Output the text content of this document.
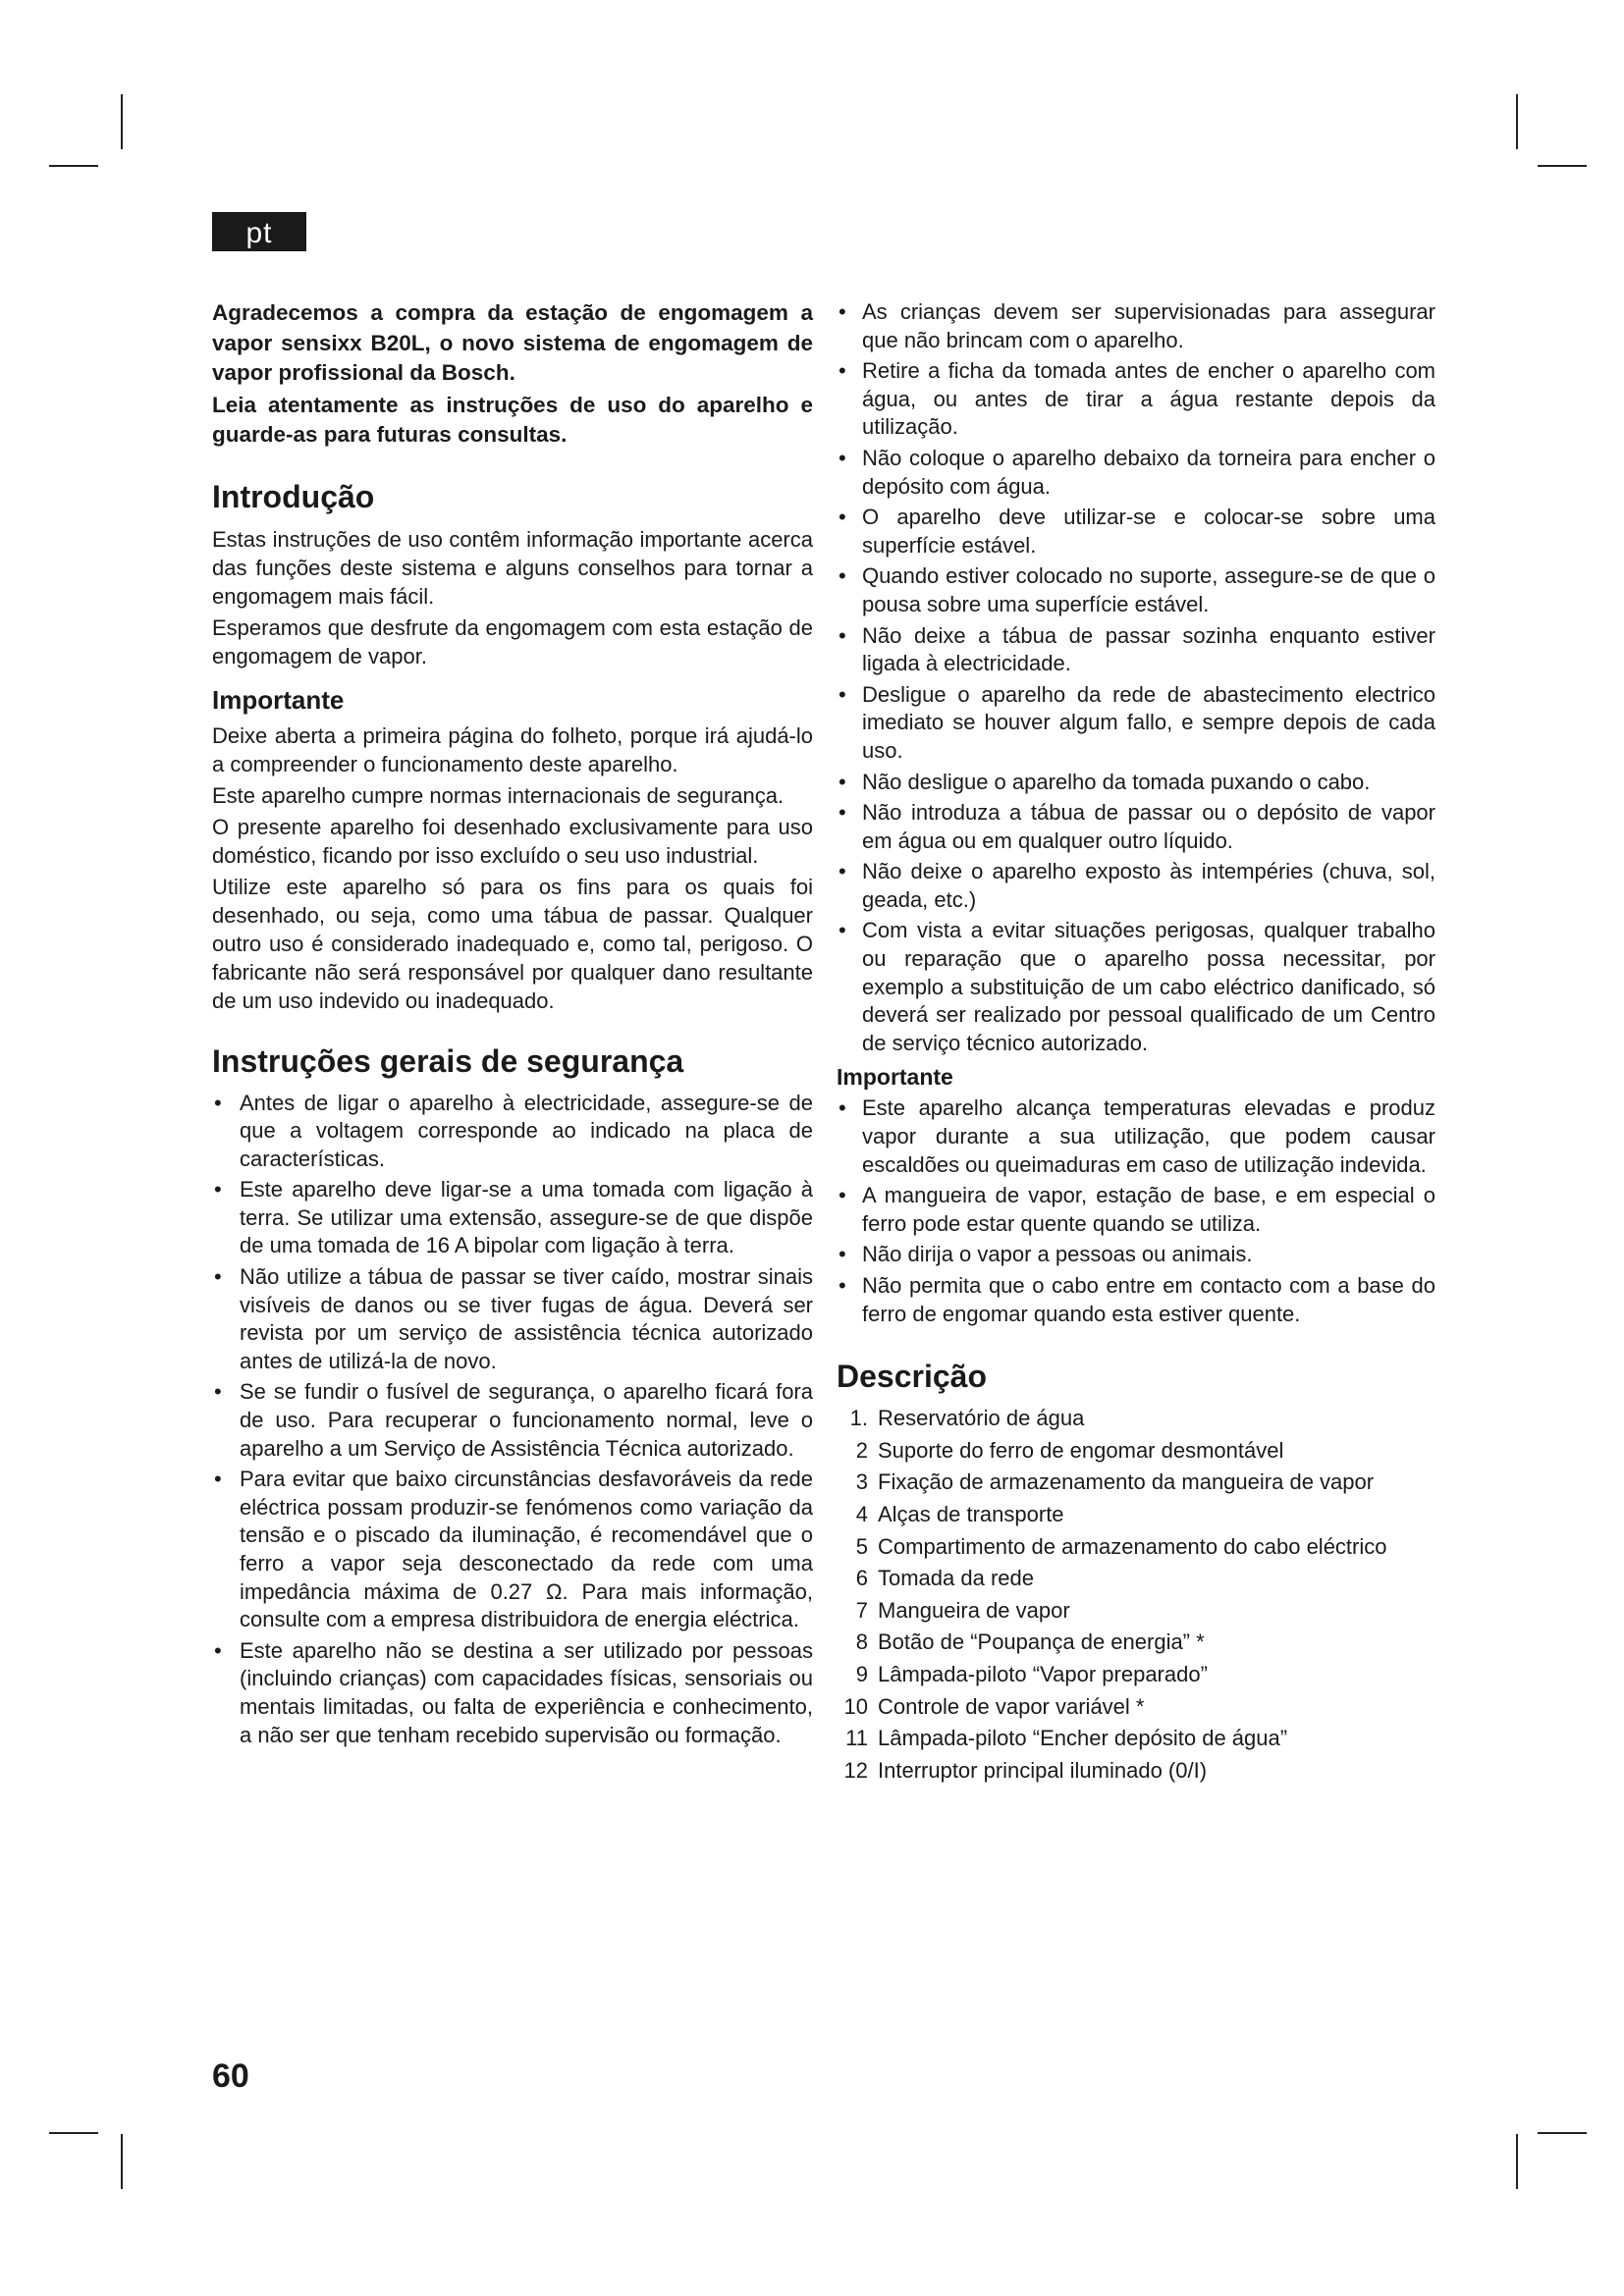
pt
Agradecemos a compra da estação de engomagem a vapor sensixx B20L, o novo sistema de engomagem de vapor profissional da Bosch.
Leia atentamente as instruções de uso do aparelho e guarde-as para futuras consultas.
Introdução

Estas instruções de uso contêm informação importante acerca das funções deste sistema e alguns conselhos para tornar a engomagem mais fácil.

Esperamos que desfrute da engomagem com esta estação de engomagem de vapor.

Importante

Deixe aberta a primeira página do folheto, porque irá ajudá-lo a compreender o funcionamento deste aparelho.

Este aparelho cumpre normas internacionais de segurança.

O presente aparelho foi desenhado exclusivamente para uso doméstico, ficando por isso excluído o seu uso industrial.

Utilize este aparelho só para os fins para os quais foi desenhado, ou seja, como uma tábua de passar. Qualquer outro uso é considerado inadequado e, como tal, perigoso. O fabricante não será responsável por qualquer dano resultante de um uso indevido ou inadequado.

Instruções gerais de segurança
• Antes de ligar o aparelho à electricidade, assegure-se de que a voltagem corresponde ao indicado na placa de características.
• Este aparelho deve ligar-se a uma tomada com ligação à terra. Se utilizar uma extensão, assegure-se de que dispõe de uma tomada de 16 A bipolar com ligação à terra.
• Não utilize a tábua de passar se tiver caído, mostrar sinais visíveis de danos ou se tiver fugas de água. Deverá ser revista por um serviço de assistência técnica autorizado antes de utilizá-la de novo.
• Se se fundir o fusível de segurança, o aparelho ficará fora de uso. Para recuperar o funcionamento normal, leve o aparelho a um Serviço de Assistência Técnica autorizado.
• Para evitar que baixo circunstâncias desfavoráveis da rede eléctrica possam produzir-se fenómenos como variação da tensão e o piscado da iluminação, é recomendável que o ferro a vapor seja desconectado da rede com uma impedância máxima de 0.27 Ω. Para mais informação, consulte com a empresa distribuidora de energia eléctrica.
• Este aparelho não se destina a ser utilizado por pessoas (incluindo crianças) com capacidades físicas, sensoriais ou mentais limitadas, ou falta de experiência e conhecimento, a não ser que tenham recebido supervisão ou formação.
• As crianças devem ser supervisionadas para assegurar que não brincam com o aparelho.
• Retire a ficha da tomada antes de encher o aparelho com água, ou antes de tirar a água restante depois da utilização.
• Não coloque o aparelho debaixo da torneira para encher o depósito com água.
• O aparelho deve utilizar-se e colocar-se sobre uma superfície estável.
• Quando estiver colocado no suporte, assegure-se de que o pousa sobre uma superfície estável.
• Não deixe a tábua de passar sozinha enquanto estiver ligada à electricidade.
• Desligue o aparelho da rede de abastecimento electrico imediato se houver algum fallo, e sempre depois de cada uso.
• Não desligue o aparelho da tomada puxando o cabo.
• Não introduza a tábua de passar ou o depósito de vapor em água ou em qualquer outro líquido.
• Não deixe o aparelho exposto às intempéries (chuva, sol, geada, etc.)
• Com vista a evitar situações perigosas, qualquer trabalho ou reparação que o aparelho possa necessitar, por exemplo a substituição de um cabo eléctrico danificado, só deverá ser realizado por pessoal qualificado de um Centro de serviço técnico autorizado.
Importante
• Este aparelho alcança temperaturas elevadas e produz vapor durante a sua utilização, que podem causar escaldões ou queimaduras em caso de utilização indevida.
• A mangueira de vapor, estação de base, e em especial o ferro pode estar quente quando se utiliza.
• Não dirija o vapor a pessoas ou animais.
• Não permita que o cabo entre em contacto com a base do ferro de engomar quando esta estiver quente.
Descrição
1. Reservatório de água
2 Suporte do ferro de engomar desmontável
3 Fixação de armazenamento da mangueira de vapor
4 Alças de transporte
5 Compartimento de armazenamento do cabo eléctrico
6 Tomada da rede
7 Mangueira de vapor
8 Botão de “Poupança de energia” *
9 Lâmpada-piloto “Vapor preparado”
10 Controle de vapor variável *
11 Lâmpada-piloto “Encher depósito de água”
12 Interruptor principal iluminado (0/I)
60
